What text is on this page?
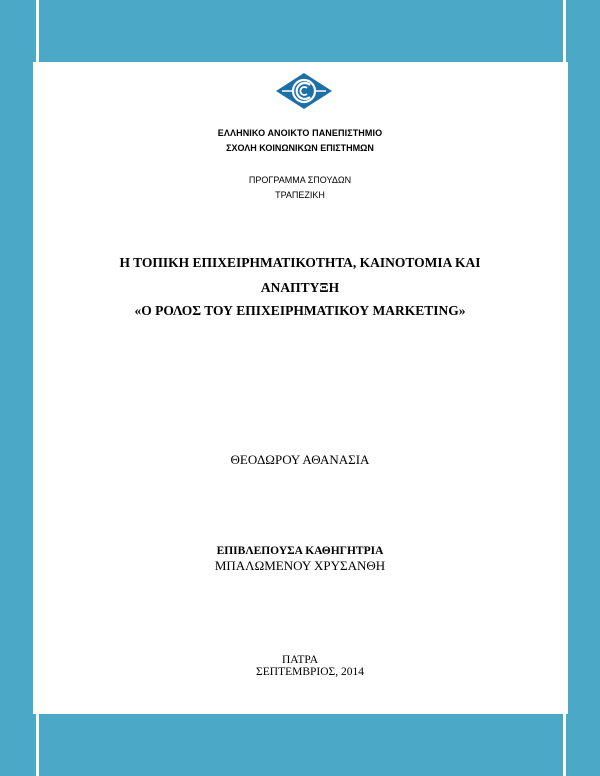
ΕΛΛΗΝΙΚΟ ΑΝΟΙΚΤΟ ΠΑΝΕΠΙΣΤΗΜΙΟ
ΣΧΟΛΗ ΚΟΙΝΩΝΙΚΩΝ ΕΠΙΣΤΗΜΩΝ
ΠΡΟΓΡΑΜΜΑ ΣΠΟΥΔΩΝ
ΤΡΑΠΕΖΙΚΗ
Η ΤΟΠΙΚΗ ΕΠΙΧΕΙΡΗΜΑΤΙΚΟΤΗΤΑ, ΚΑΙΝΟΤΟΜΙΑ ΚΑΙ
ΑΝΑΠΤΥΞΗ
«Ο ΡΟΛΟΣ ΤΟΥ ΕΠΙΧΕΙΡΗΜΑΤΙΚΟΥ MARKETING»
ΘΕΟΔΩΡΟΥ ΑΘΑΝΑΣΙΑ
ΕΠΙΒΛΕΠΟΥΣΑ ΚΑΘΗΓΗΤΡΙΑ
ΜΠΑΛΩΜΕΝΟΥ ΧΡΥΣΑΝΘΗ
ΠΑΤΡΑ
ΣΕΠΤΕΜΒΡΙΟΣ, 2014
